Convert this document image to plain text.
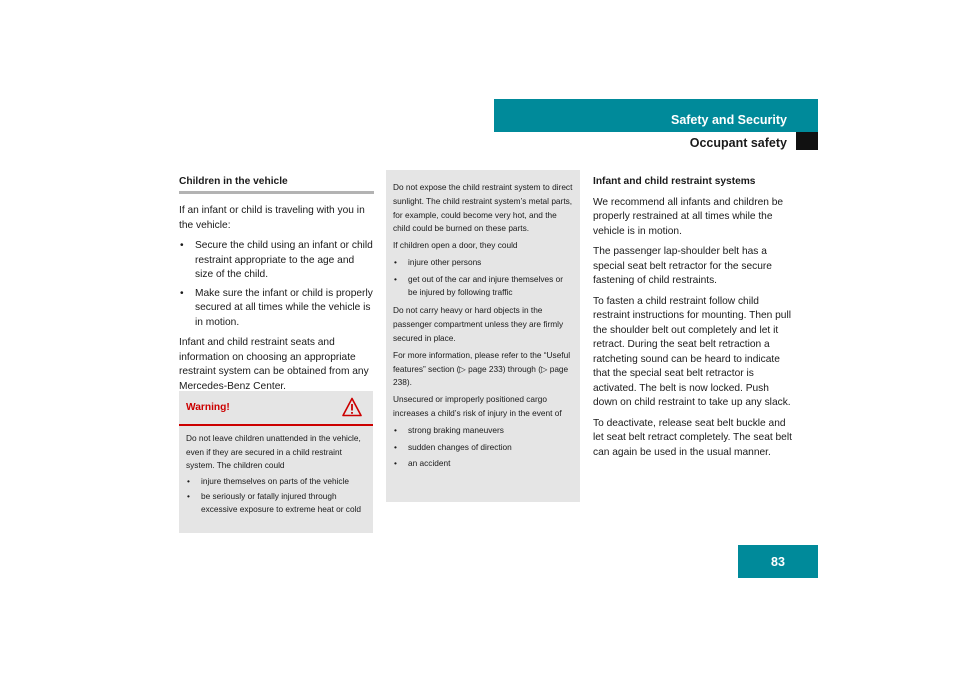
Safety and Security
Occupant safety
Children in the vehicle

If an infant or child is traveling with you in the vehicle:

• Secure the child using an infant or child restraint appropriate to the age and size of the child.
• Make sure the infant or child is properly secured at all times while the vehicle is in motion.

Infant and child restraint seats and information on choosing an appropriate restraint system can be obtained from any Mercedes-Benz Center.

Warning!

Do not leave children unattended in the vehicle, even if they are secured in a child restraint system. The children could

• injure themselves on parts of the vehicle
• be seriously or fatally injured through excessive exposure to extreme heat or cold

Do not expose the child restraint system to direct sunlight. The child restraint system’s metal parts, for example, could become very hot, and the child could be burned on these parts.

If children open a door, they could

• injure other persons
• get out of the car and injure themselves or be injured by following traffic

Do not carry heavy or hard objects in the passenger compartment unless they are firmly secured in place.

For more information, please refer to the “Useful features” section (▷ page 233) through (▷ page 238).

Unsecured or improperly positioned cargo increases a child’s risk of injury in the event of

• strong braking maneuvers
• sudden changes of direction
• an accident

Infant and child restraint systems

We recommend all infants and children be properly restrained at all times while the vehicle is in motion.

The passenger lap-shoulder belt has a special seat belt retractor for the secure fastening of child restraints.

To fasten a child restraint follow child restraint instructions for mounting. Then pull the shoulder belt out completely and let it retract. During the seat belt retraction a ratcheting sound can be heard to indicate that the special seat belt retractor is activated. The belt is now locked. Push down on child restraint to take up any slack.

To deactivate, release seat belt buckle and let seat belt retract completely. The seat belt can again be used in the usual manner.

83
